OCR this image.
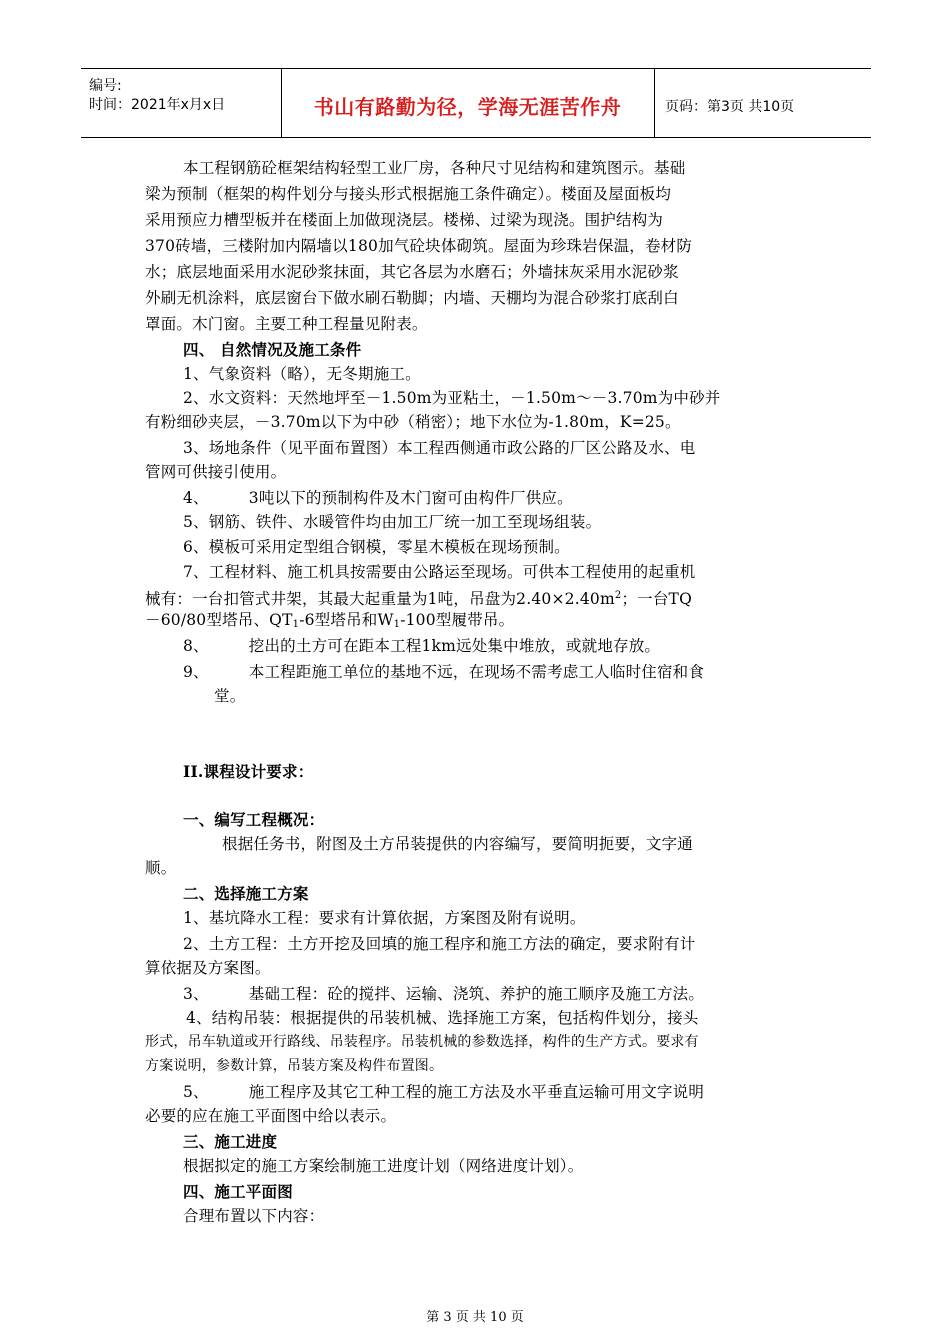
编号:
时间：2021年x月x日	书山有路勤为径，学海无涯苦作舟	页码：第3页 共10页
本工程钢筋砼框架结构轻型工业厂房，各种尺寸见结构和建筑图示。基础
梁为预制（框架的构件划分与接头形式根据施工条件确定）。楼面及屋面板均
采用预应力槽型板并在楼面上加做现浇层。楼梯、过梁为现浇。围护结构为
370砖墙，三楼附加内隔墙以180加气砼块体砌筑。屋面为珍珠岩保温，卷材防
水；底层地面采用水泥砂浆抹面，其它各层为水磨石；外墙抹灰采用水泥砂浆
外刷无机涂料，底层窗台下做水刷石勒脚；内墙、天棚均为混合砂浆打底刮白
罩面。木门窗。主要工种工程量见附表。
四、 自然情况及施工条件
1、气象资料（略），无冬期施工。
2、水文资料：天然地坪至－1.50m为亚粘土，－1.50m～－3.70m为中砂并
有粉细砂夹层，－3.70m以下为中砂（稍密）；地下水位为-1.80m，K=25。
3、场地条件（见平面布置图）本工程西侧通市政公路的厂区公路及水、电
管网可供接引使用。
4、	3吨以下的预制构件及木门窗可由构件厂供应。
5、钢筋、铁件、水暖管件均由加工厂统一加工至现场组装。
6、模板可采用定型组合钢模，零星木模板在现场预制。
7、工程材料、施工机具按需要由公路运至现场。可供本工程使用的起重机
械有：一台扣管式井架，其最大起重量为1吨，吊盘为$2.40\times 2.40m^2$；一台TQ
－60/80型塔吊、$QT_1-6$型塔吊和$W_1-100$型履带吊。
8、	挖出的土方可在距本工程1km远处集中堆放，或就地存放。
9、	本工程距施工单位的基地不远，在现场不需考虑工人临时住宿和食
堂。
II.课程设计要求：
一、编写工程概况：
根据任务书，附图及土方吊装提供的内容编写，要简明扼要，文字通
顺。
二、选择施工方案
1、基坑降水工程：要求有计算依据，方案图及附有说明。
2、土方工程：土方开挖及回填的施工程序和施工方法的确定，要求附有计
算依据及方案图。
3、	基础工程：砼的搅拌、运输、浇筑、养护的施工顺序及施工方法。
4、结构吊装：根据提供的吊装机械、选择施工方案，包括构件划分，接头
形式，吊车轨道或开行路线、吊装程序。吊装机械的参数选择，构件的生产方式。要求有
方案说明，参数计算，吊装方案及构件布置图。
5、	施工程序及其它工种工程的施工方法及水平垂直运输可用文字说明
必要的应在施工平面图中给以表示。
三、施工进度
根据拟定的施工方案绘制施工进度计划（网络进度计划）。
四、施工平面图
合理布置以下内容：
第 3 页 共 10 页
